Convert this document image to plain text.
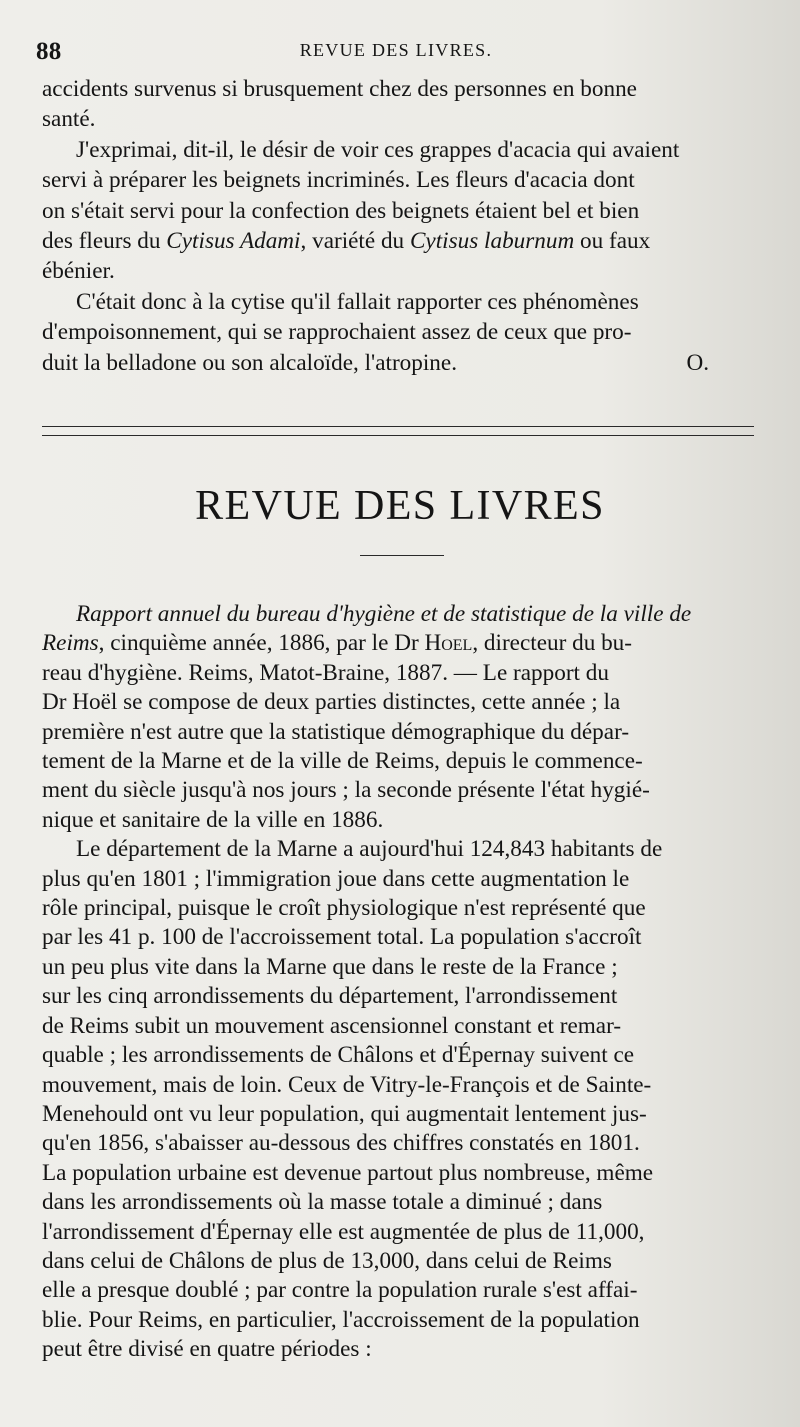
88	REVUE DES LIVRES.

accidents survenus si brusquement chez des personnes en bonne

santé.

J'exprimai, dit-il, le désir de voir ces grappes d'acacia qui avaient

servi à préparer les beignets incriminés. Les fleurs d'acacia dont

on s'était servi pour la confection des beignets étaient bel et bien

des fleurs du Cytisus Adami, variété du Cytisus laburnum ou faux

ébénier.

C'était donc à la cytise qu'il fallait rapporter ces phénomènes

d'empoisonnement, qui se rapprochaient assez de ceux que pro-

duit la belladone ou son alcaloïde, l'atropine.	O.

REVUE DES LIVRES

Rapport annuel du bureau d'hygiène et de statistique de la ville de

Reims, cinquième année, 1886, par le Dr Hoel, directeur du bu-

reau d'hygiène. Reims, Matot-Braine, 1887. — Le rapport du

Dr Hoël se compose de deux parties distinctes, cette année ; la

première n'est autre que la statistique démographique du dépar-

tement de la Marne et de la ville de Reims, depuis le commence-

ment du siècle jusqu'à nos jours ; la seconde présente l'état hygié-

nique et sanitaire de la ville en 1886.

Le département de la Marne a aujourd'hui 124,843 habitants de

plus qu'en 1801 ; l'immigration joue dans cette augmentation le

rôle principal, puisque le croît physiologique n'est représenté que

par les 41 p. 100 de l'accroissement total. La population s'accroît

un peu plus vite dans la Marne que dans le reste de la France ;

sur les cinq arrondissements du département, l'arrondissement

de Reims subit un mouvement ascensionnel constant et remar-

quable ; les arrondissements de Châlons et d'Épernay suivent ce

mouvement, mais de loin. Ceux de Vitry-le-François et de Sainte-

Menehould ont vu leur population, qui augmentait lentement jus-

qu'en 1856, s'abaisser au-dessous des chiffres constatés en 1801.

La population urbaine est devenue partout plus nombreuse, même

dans les arrondissements où la masse totale a diminué ; dans

l'arrondissement d'Épernay elle est augmentée de plus de 11,000,

dans celui de Châlons de plus de 13,000, dans celui de Reims

elle a presque doublé ; par contre la population rurale s'est affai-

blie. Pour Reims, en particulier, l'accroissement de la population

peut être divisé en quatre périodes :
